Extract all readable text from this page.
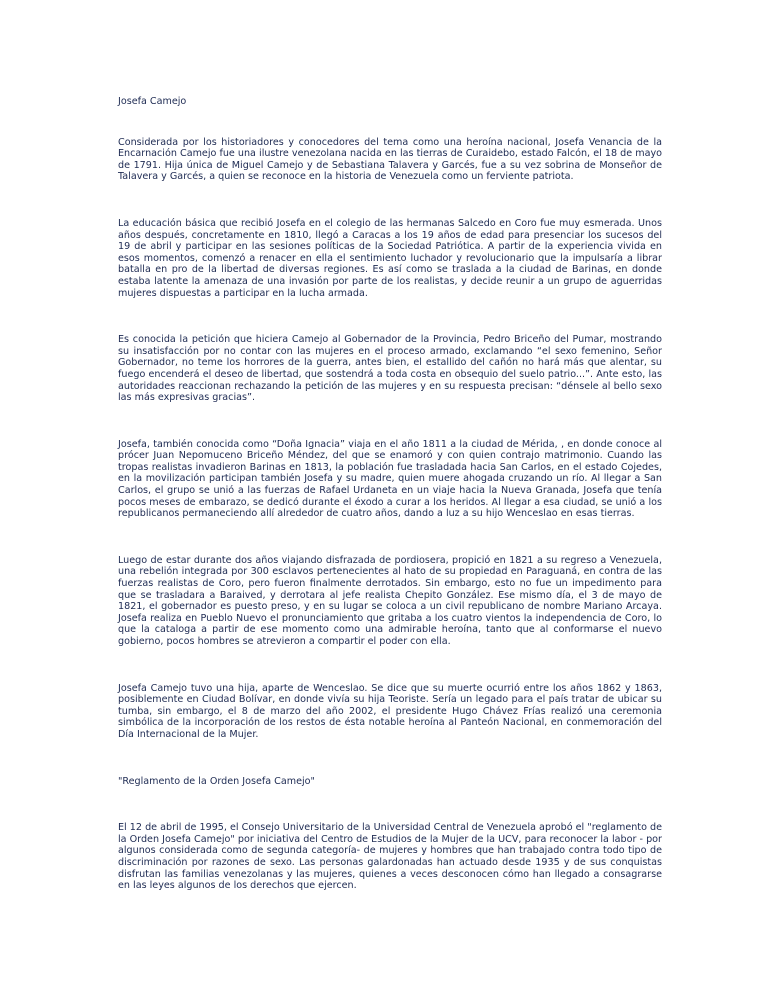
Josefa Camejo

Considerada por los historiadores y conocedores del tema como una heroína nacional, Josefa Venancia de la Encarnación Camejo fue una ilustre venezolana nacida en las tierras de Curaidebo, estado Falcón, el 18 de mayo de 1791. Hija única de Miguel Camejo y de Sebastiana Talavera y Garcés, fue a su vez sobrina de Monseñor de Talavera y Garcés, a quien se reconoce en la historia de Venezuela como un ferviente patriota.

La educación básica que recibió Josefa en el colegio de las hermanas Salcedo en Coro fue muy esmerada. Unos años después, concretamente en 1810, llegó a Caracas a los 19 años de edad para presenciar los sucesos del 19 de abril y participar en las sesiones políticas de la Sociedad Patriótica. A partir de la experiencia vivida en esos momentos, comenzó a renacer en ella el sentimiento luchador y revolucionario que la impulsaría a librar batalla en pro de la libertad de diversas regiones. Es así como se traslada a la ciudad de Barinas, en donde estaba latente la amenaza de una invasión por parte de los realistas, y decide reunir a un grupo de aguerridas mujeres dispuestas a participar en la lucha armada.

Es conocida la petición que hiciera Camejo al Gobernador de la Provincia, Pedro Briceño del Pumar, mostrando su insatisfacción por no contar con las mujeres en el proceso armado, exclamando “el sexo femenino, Señor Gobernador, no teme los horrores de la guerra, antes bien, el estallido del cañón no hará más que alentar, su fuego encenderá el deseo de libertad, que sostendrá a toda costa en obsequio del suelo patrio...”. Ante esto, las autoridades reaccionan rechazando la petición de las mujeres y en su respuesta precisan: “dénsele al bello sexo las más expresivas gracias”.

Josefa, también conocida como “Doña Ignacia” viaja en el año 1811 a la ciudad de Mérida, , en donde conoce al prócer Juan Nepomuceno Briceño Méndez, del que se enamoró y con quien contrajo matrimonio. Cuando las tropas realistas invadieron Barinas en 1813, la población fue trasladada hacia San Carlos, en el estado Cojedes, en la movilización participan también Josefa y su madre, quien muere ahogada cruzando un río. Al llegar a San Carlos, el grupo se unió a las fuerzas de Rafael Urdaneta en un viaje hacia la Nueva Granada, Josefa que tenía pocos meses de embarazo, se dedicó durante el éxodo a curar a los heridos. Al llegar a esa ciudad, se unió a los republicanos permaneciendo allí alrededor de cuatro años, dando a luz a su hijo Wenceslao en esas tierras.

Luego de estar durante dos años viajando disfrazada de pordiosera, propició en 1821 a su regreso a Venezuela, una rebelión integrada por 300 esclavos pertenecientes al hato de su propiedad en Paraguaná, en contra de las fuerzas realistas de Coro, pero fueron finalmente derrotados. Sin embargo, esto no fue un impedimento para que se trasladara a Baraived, y derrotara al jefe realista Chepito González. Ese mismo día, el 3 de mayo de 1821, el gobernador es puesto preso, y en su lugar se coloca a un civil republicano de nombre Mariano Arcaya. Josefa realiza en Pueblo Nuevo el pronunciamiento que gritaba a los cuatro vientos la independencia de Coro, lo que la cataloga a partir de ese momento como una admirable heroína, tanto que al conformarse el nuevo gobierno, pocos hombres se atrevieron a compartir el poder con ella.

Josefa Camejo tuvo una hija, aparte de Wenceslao. Se dice que su muerte ocurrió entre los años 1862 y 1863, posiblemente en Ciudad Bolívar, en donde vivía su hija Teoriste. Sería un legado para el país tratar de ubicar su tumba, sin embargo, el 8 de marzo del año 2002, el presidente Hugo Chávez Frías realizó una ceremonia simbólica de la incorporación de los restos de ésta notable heroína al Panteón Nacional, en conmemoración del Día Internacional de la Mujer.

"Reglamento de la Orden Josefa Camejo"

El 12 de abril de 1995, el Consejo Universitario de la Universidad Central de Venezuela aprobó el "reglamento de la Orden Josefa Camejo" por iniciativa del Centro de Estudios de la Mujer de la UCV, para reconocer la labor - por algunos considerada como de segunda categoría- de mujeres y hombres que han trabajado contra todo tipo de discriminación por razones de sexo. Las personas galardonadas han actuado desde 1935 y de sus conquistas disfrutan las familias venezolanas y las mujeres, quienes a veces desconocen cómo han llegado a consagrarse en las leyes algunos de los derechos que ejercen.
